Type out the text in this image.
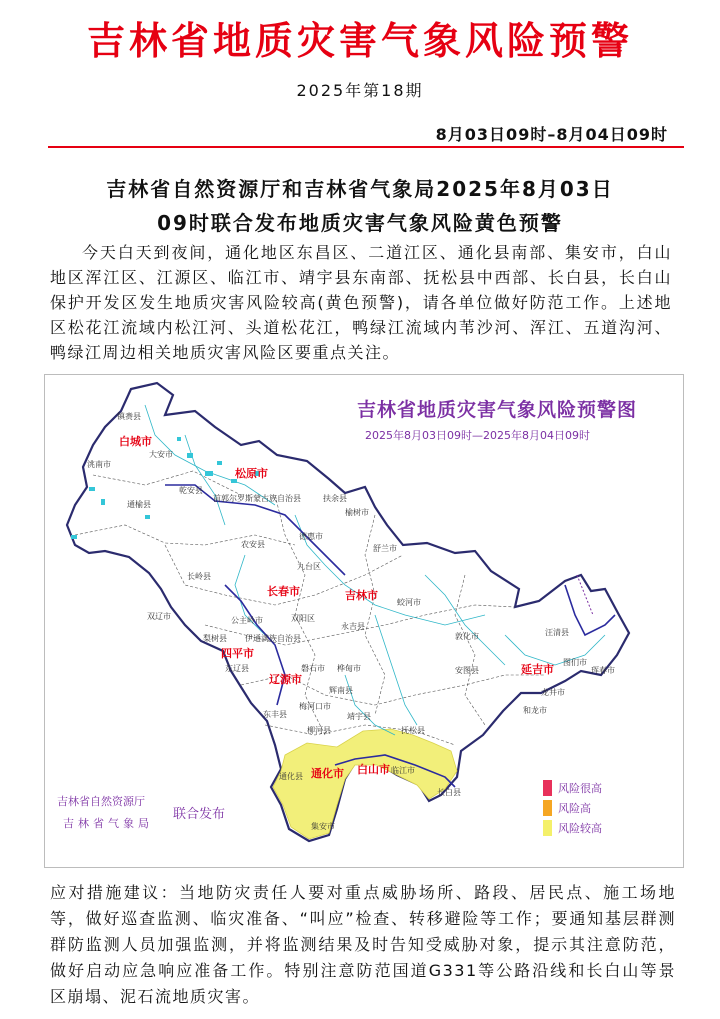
吉林省地质灾害气象风险预警
2025年第18期
8月03日09时–8月04日09时
吉林省自然资源厅和吉林省气象局2025年8月03日
09时联合发布地质灾害气象风险黄色预警
今天白天到夜间，通化地区东昌区、二道江区、通化县南部、集安市，白山地区浑江区、江源区、临江市、靖宇县东南部、抚松县中西部、长白县，长白山保护开发区发生地质灾害风险较高(黄色预警)，请各单位做好防范工作。上述地区松花江流域内松江河、头道松花江，鸭绿江流域内苇沙河、浑江、五道沟河、鸭绿江周边相关地质灾害风险区要重点关注。
吉林省地质灾害气象风险预警图
2025年8月03日09时—2025年8月04日09时
白城市
松原市
长春市	吉林市
四平市
辽源市
延吉市
通化市 白山市
镇赉县
大安市
洮南市
通榆县
乾安县
前郭尔罗斯蒙古族自治县	扶余县
榆树市
农安县
德惠市
九台区
舒兰市
长岭县
双辽市	公主岭市	双阳区
伊通满族自治县
永吉县
蛟河市
梨树县
东辽县	磐石市 桦甸市
敦化市
安图县
汪清县
图们市
珲春市
龙井市
和龙市
东丰县
辉南县
梅河口市
柳河县
靖宇县
抚松县
通化县
临江市
长白县
集安市
吉林省自然资源厅
吉林省气象局
联合发布
风险很高
风险高
风险较高
应对措施建议：当地防灾责任人要对重点威胁场所、路段、居民点、施工场地等，做好巡查监测、临灾准备、“叫应”检查、转移避险等工作；要通知基层群测群防监测人员加强监测，并将监测结果及时告知受威胁对象，提示其注意防范，做好启动应急响应准备工作。特别注意防范国道G331等公路沿线和长白山等景区崩塌、泥石流地质灾害。
